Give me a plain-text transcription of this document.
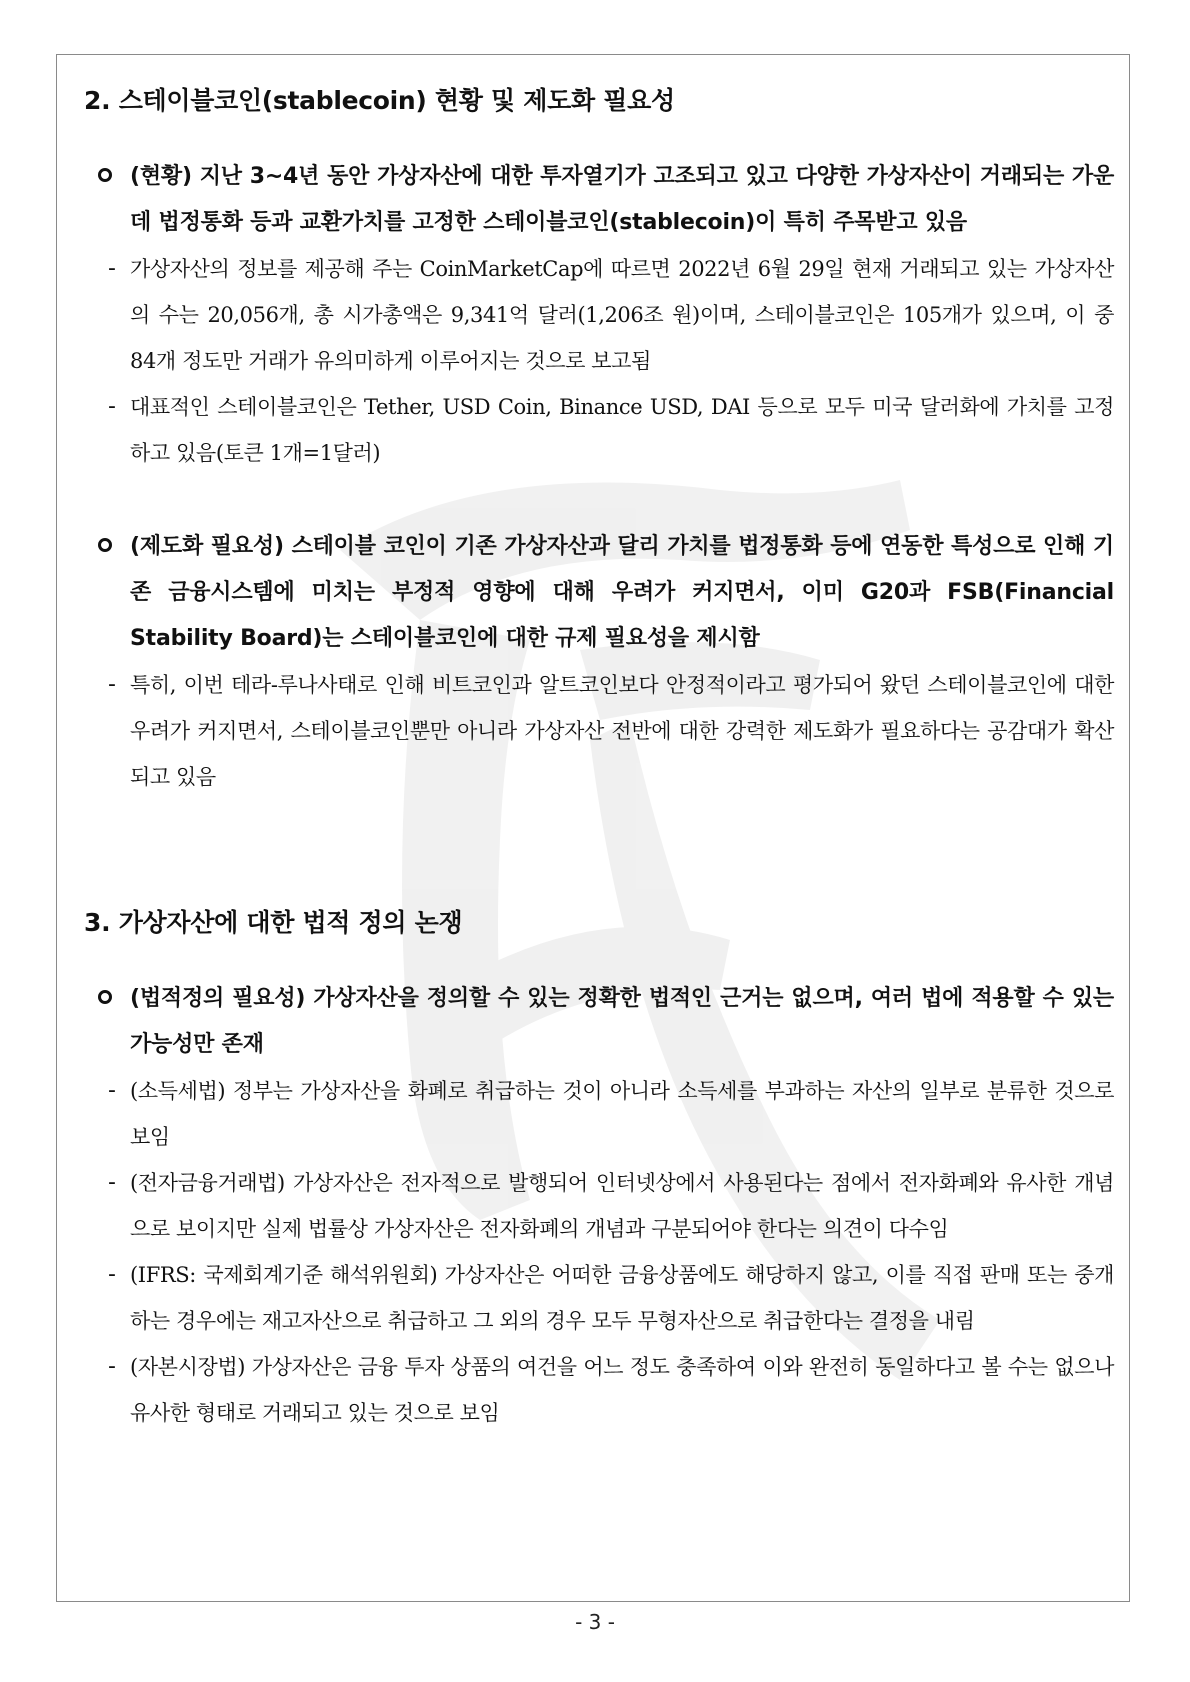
2. 스테이블코인(stablecoin) 현황 및 제도화 필요성

(현황) 지난 3~4년 동안 가상자산에 대한 투자열기가 고조되고 있고 다양한 가상자산이 거래되는 가운데 법정통화 등과 교환가치를 고정한 스테이블코인(stablecoin)이 특히 주목받고 있음

- 가상자산의 정보를 제공해 주는 CoinMarketCap에 따르면 2022년 6월 29일 현재 거래되고 있는 가상자산의 수는 20,056개, 총 시가총액은 9,341억 달러(1,206조 원)이며, 스테이블코인은 105개가 있으며, 이 중 84개 정도만 거래가 유의미하게 이루어지는 것으로 보고됨

- 대표적인 스테이블코인은 Tether, USD Coin, Binance USD, DAI 등으로 모두 미국 달러화에 가치를 고정하고 있음(토큰 1개=1달러)

(제도화 필요성) 스테이블 코인이 기존 가상자산과 달리 가치를 법정통화 등에 연동한 특성으로 인해 기존 금융시스템에 미치는 부정적 영향에 대해 우려가 커지면서, 이미 G20과 FSB(Financial Stability Board)는 스테이블코인에 대한 규제 필요성을 제시함

- 특히, 이번 테라-루나사태로 인해 비트코인과 알트코인보다 안정적이라고 평가되어 왔던 스테이블코인에 대한 우려가 커지면서, 스테이블코인뿐만 아니라 가상자산 전반에 대한 강력한 제도화가 필요하다는 공감대가 확산되고 있음

3. 가상자산에 대한 법적 정의 논쟁

(법적정의 필요성) 가상자산을 정의할 수 있는 정확한 법적인 근거는 없으며, 여러 법에 적용할 수 있는 가능성만 존재

- (소득세법) 정부는 가상자산을 화폐로 취급하는 것이 아니라 소득세를 부과하는 자산의 일부로 분류한 것으로 보임

- (전자금융거래법) 가상자산은 전자적으로 발행되어 인터넷상에서 사용된다는 점에서 전자화폐와 유사한 개념으로 보이지만 실제 법률상 가상자산은 전자화폐의 개념과 구분되어야 한다는 의견이 다수임

- (IFRS: 국제회계기준 해석위원회) 가상자산은 어떠한 금융상품에도 해당하지 않고, 이를 직접 판매 또는 중개하는 경우에는 재고자산으로 취급하고 그 외의 경우 모두 무형자산으로 취급한다는 결정을 내림

- (자본시장법) 가상자산은 금융 투자 상품의 여건을 어느 정도 충족하여 이와 완전히 동일하다고 볼 수는 없으나 유사한 형태로 거래되고 있는 것으로 보임

- 3 -
